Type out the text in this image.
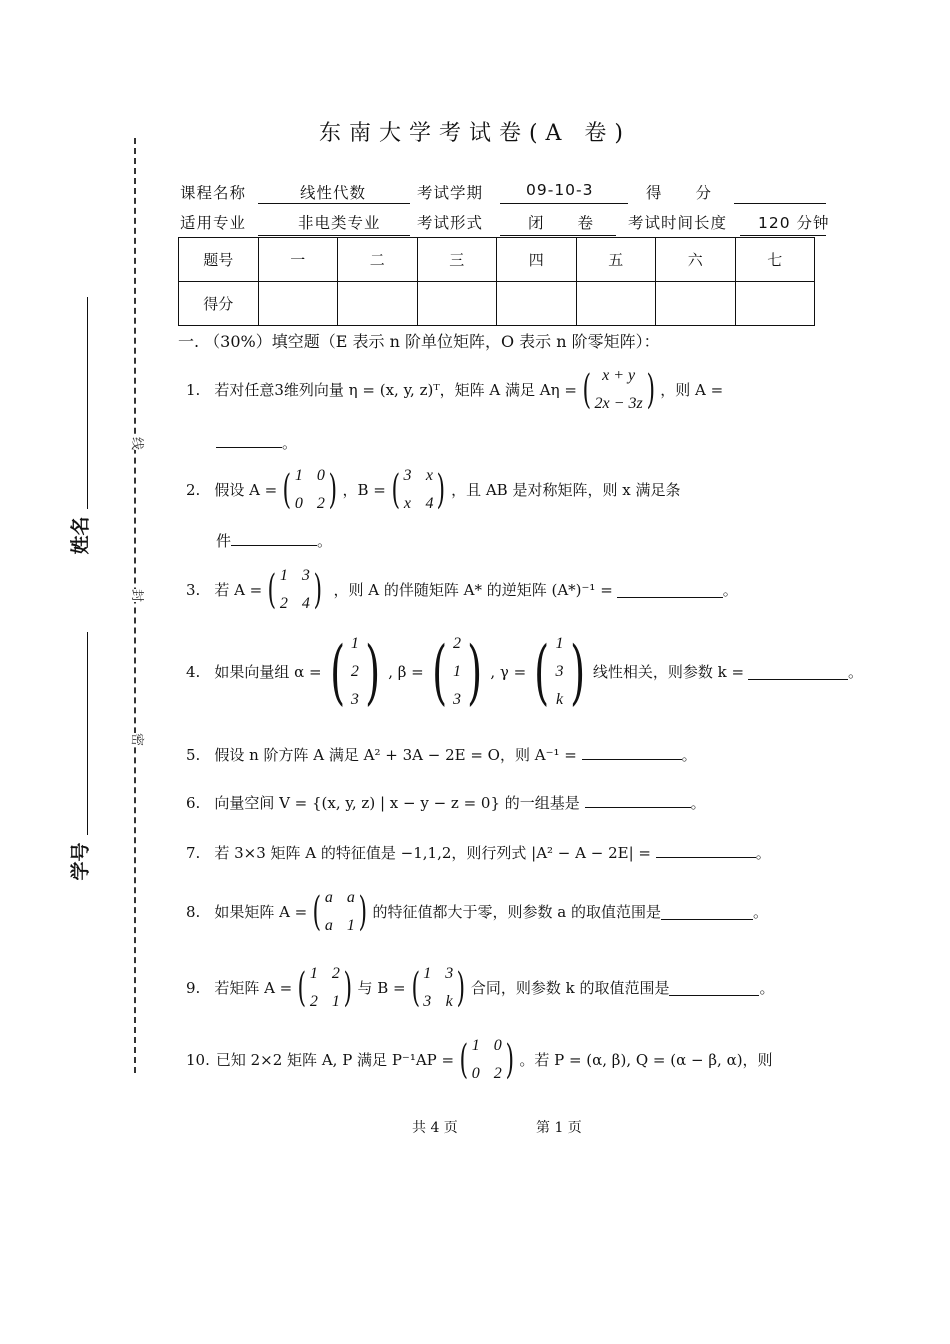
线
封
密
姓名
学号
东南大学考试卷(A 卷)
课程名称	线性代数	考试学期	09-10-3	得　　分
适用专业	非电类专业 考试形式	闭　　卷 考试时间长度 120 分钟
题号	一	二	三	四	五	六	七
得分							
一. （30%）填空题（E 表示 n 阶单位矩阵，O 表示 n 阶零矩阵）：
1. 若对任意3维列向量 η = (x, y, z)ᵀ，矩阵 A 满足 Aη = ( x + y
2x − 3z ) ，则 A =
。
2. 假设 A = ( 1 0
0 2 ) ，B = ( 3 x
x 4 ) ，且 AB 是对称矩阵，则 x 满足条
件	。
3. 若 A = ( 1 3
2 4 ) ，则 A 的伴随矩阵 A* 的逆矩阵 (A*)⁻¹ =	。
4. 如果向量组 α = ( 1
2
3 ) , β = ( 2
1
3 ) , γ = ( 1
3
k ) 线性相关，则参数 k =	。
5. 假设 n 阶方阵 A 满足 A² + 3A − 2E = O，则 A⁻¹ =	。
6. 向量空间 V = {(x, y, z) | x − y − z = 0} 的一组基是	。
7. 若 3×3 矩阵 A 的特征值是 −1,1,2，则行列式 |A² − A − 2E| =	。
8. 如果矩阵 A = ( a a
a 1 ) 的特征值都大于零，则参数 a 的取值范围是	。
9. 若矩阵 A = ( 1 2
2 1 ) 与 B = ( 1 3
3 k ) 合同，则参数 k 的取值范围是	。
10. 已知 2×2 矩阵 A, P 满足 P⁻¹AP = ( 1 0
0 2 ) 。若 P = (α, β), Q = (α − β, α)，则
共 4 页	第 1 页
